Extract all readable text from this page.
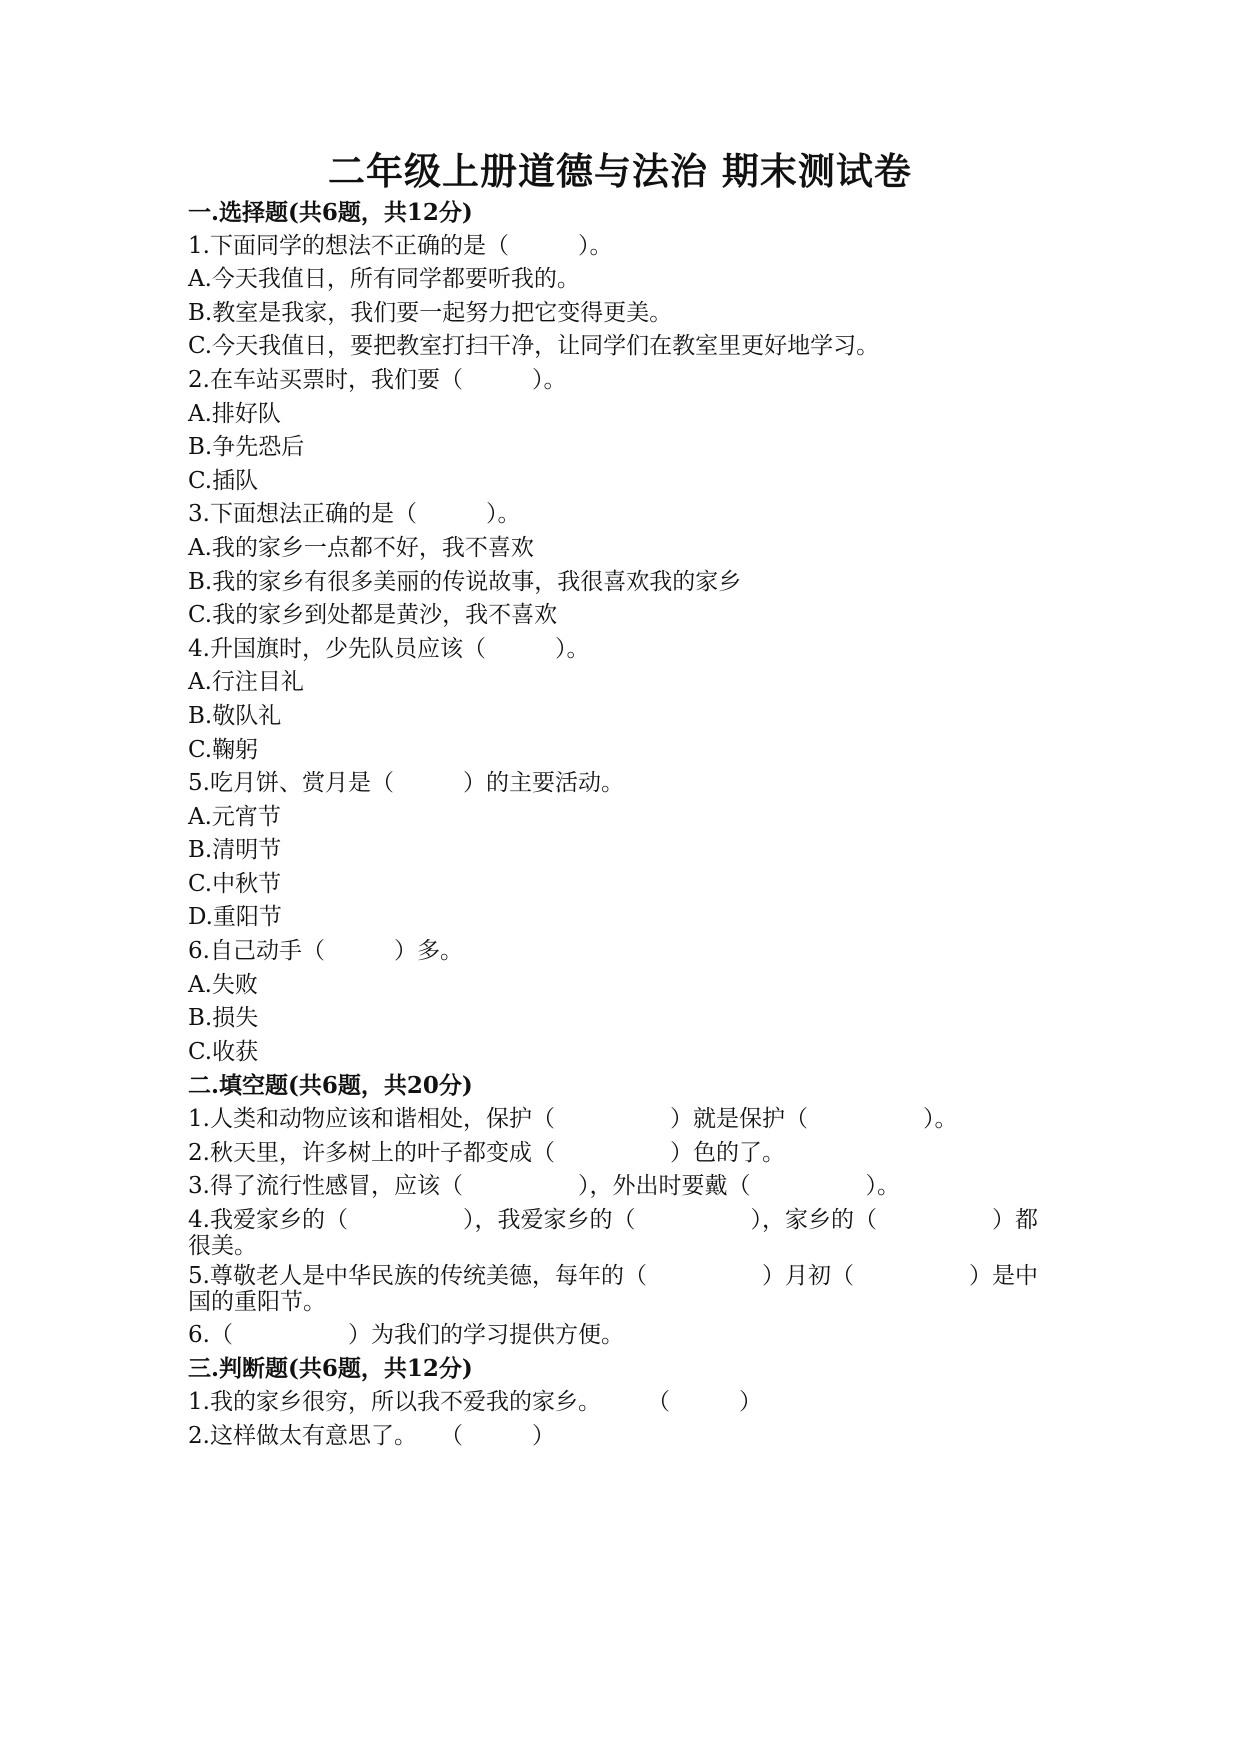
二年级上册道德与法治 期末测试卷
一.选择题(共6题，共12分)
1.下面同学的想法不正确的是（　　　）。
A.今天我值日，所有同学都要听我的。
B.教室是我家，我们要一起努力把它变得更美。
C.今天我值日，要把教室打扫干净，让同学们在教室里更好地学习。
2.在车站买票时，我们要（　　　）。
A.排好队
B.争先恐后
C.插队
3.下面想法正确的是（　　　）。
A.我的家乡一点都不好，我不喜欢
B.我的家乡有很多美丽的传说故事，我很喜欢我的家乡
C.我的家乡到处都是黄沙，我不喜欢
4.升国旗时，少先队员应该（　　　）。
A.行注目礼
B.敬队礼
C.鞠躬
5.吃月饼、赏月是（　　　）的主要活动。
A.元宵节
B.清明节
C.中秋节
D.重阳节
6.自己动手（　　　）多。
A.失败
B.损失
C.收获
二.填空题(共6题，共20分)
1.人类和动物应该和谐相处，保护（　　　　　）就是保护（　　　　　）。
2.秋天里，许多树上的叶子都变成（　　　　　）色的了。
3.得了流行性感冒，应该（　　　　　），外出时要戴（　　　　　）。
4.我爱家乡的（　　　　　），我爱家乡的（　　　　　），家乡的（　　　　　）都很美。
5.尊敬老人是中华民族的传统美德，每年的（　　　　　）月初（　　　　　）是中国的重阳节。
6.（　　　　　）为我们的学习提供方便。
三.判断题(共6题，共12分)
1.我的家乡很穷，所以我不爱我的家乡。　　　（　　　）
2.这样做太有意思了。　　（　　　）
